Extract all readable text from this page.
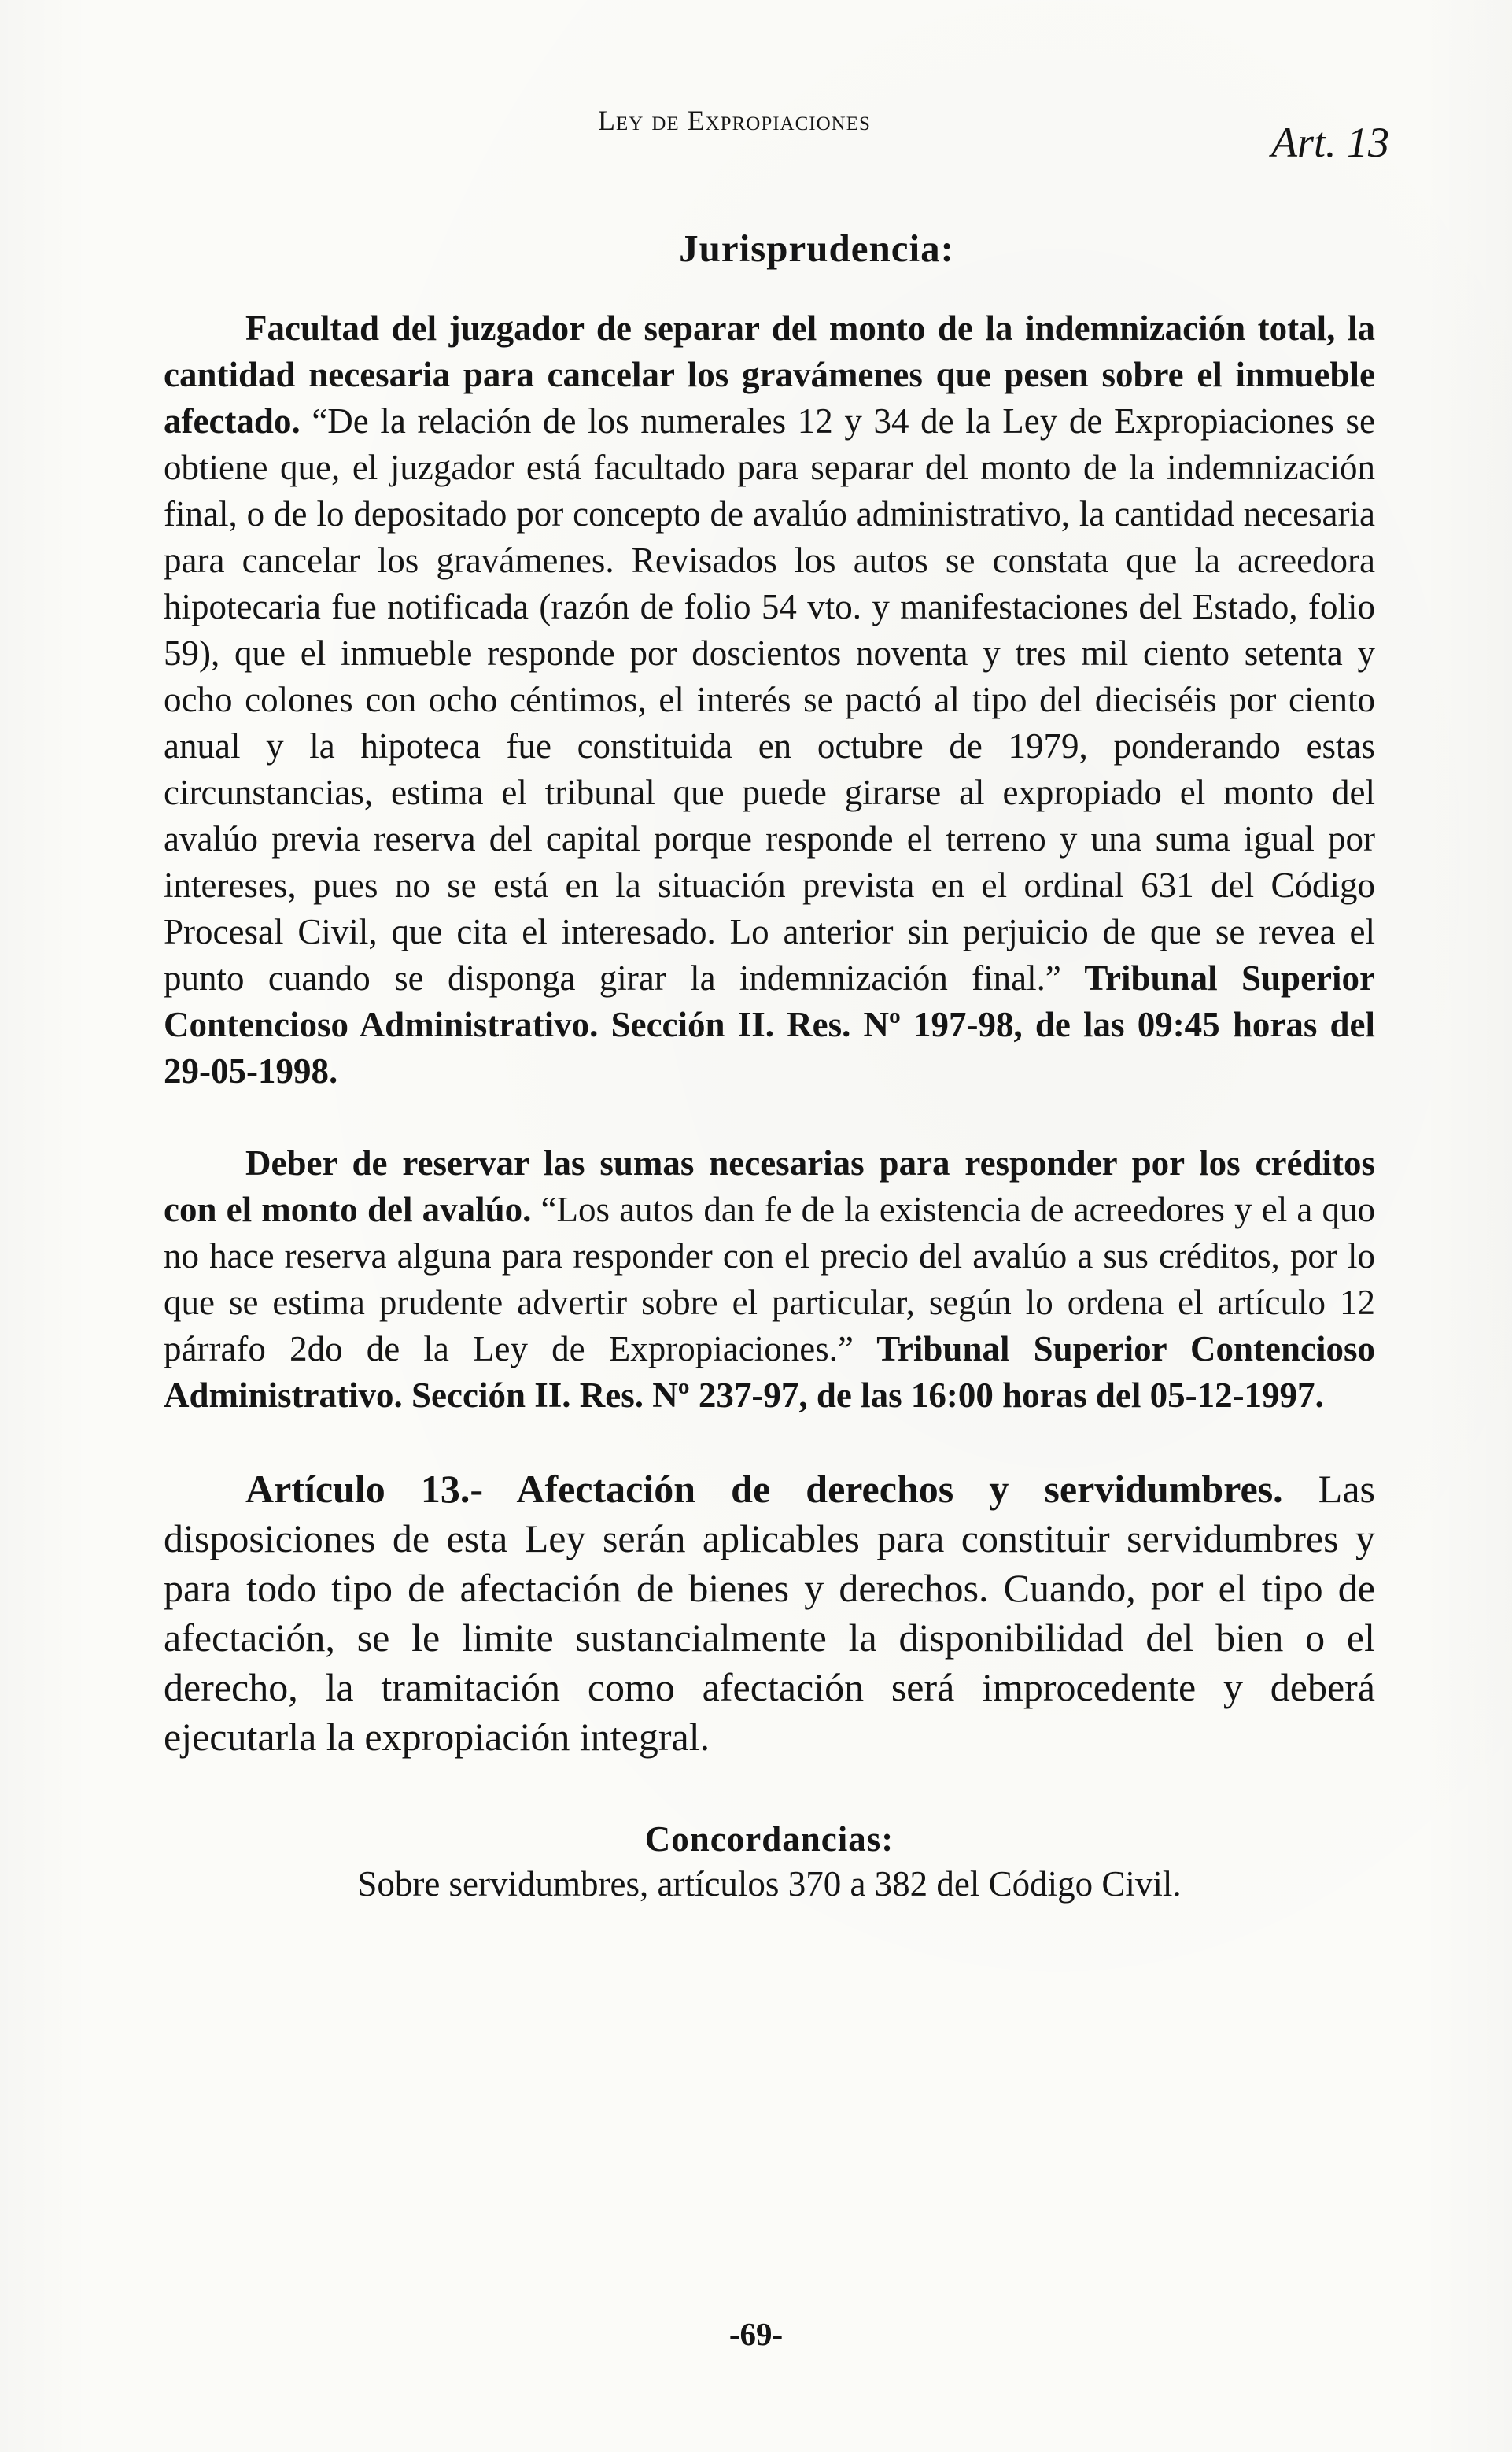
Ley de Expropiaciones	Art. 13
Jurisprudencia:

Facultad del juzgador de separar del monto de la indemnización total, la cantidad necesaria para cancelar los gravámenes que pesen sobre el inmueble afectado. “De la relación de los numerales 12 y 34 de la Ley de Expropiaciones se obtiene que, el juzgador está facultado para separar del monto de la indemnización final, o de lo depositado por concepto de avalúo administrativo, la cantidad necesaria para cancelar los gravámenes. Revisados los autos se constata que la acreedora hipotecaria fue notificada (razón de folio 54 vto. y manifestaciones del Estado, folio 59), que el inmueble responde por doscientos noventa y tres mil ciento setenta y ocho colones con ocho céntimos, el interés se pactó al tipo del dieciséis por ciento anual y la hipoteca fue constituida en octubre de 1979, ponderando estas circunstancias, estima el tribunal que puede girarse al expropiado el monto del avalúo previa reserva del capital porque responde el terreno y una suma igual por intereses, pues no se está en la situación prevista en el ordinal 631 del Código Procesal Civil, que cita el interesado. Lo anterior sin perjuicio de que se revea el punto cuando se disponga girar la indemnización final.” Tribunal Superior Contencioso Administrativo. Sección II. Res. Nº 197-98, de las 09:45 horas del 29-05-1998.

Deber de reservar las sumas necesarias para responder por los créditos con el monto del avalúo. “Los autos dan fe de la existencia de acreedores y el a quo no hace reserva alguna para responder con el precio del avalúo a sus créditos, por lo que se estima prudente advertir sobre el particular, según lo ordena el artículo 12 párrafo 2do de la Ley de Expropiaciones.” Tribunal Superior Contencioso Administrativo. Sección II. Res. Nº 237-97, de las 16:00 horas del 05-12-1997.

Artículo 13.- Afectación de derechos y servidumbres. Las disposiciones de esta Ley serán aplicables para constituir servidumbres y para todo tipo de afectación de bienes y derechos. Cuando, por el tipo de afectación, se le limite sustancialmente la disponibilidad del bien o el derecho, la tramitación como afectación será improcedente y deberá ejecutarla la expropiación integral.

Concordancias:

Sobre servidumbres, artículos 370 a 382 del Código Civil.

-69-
